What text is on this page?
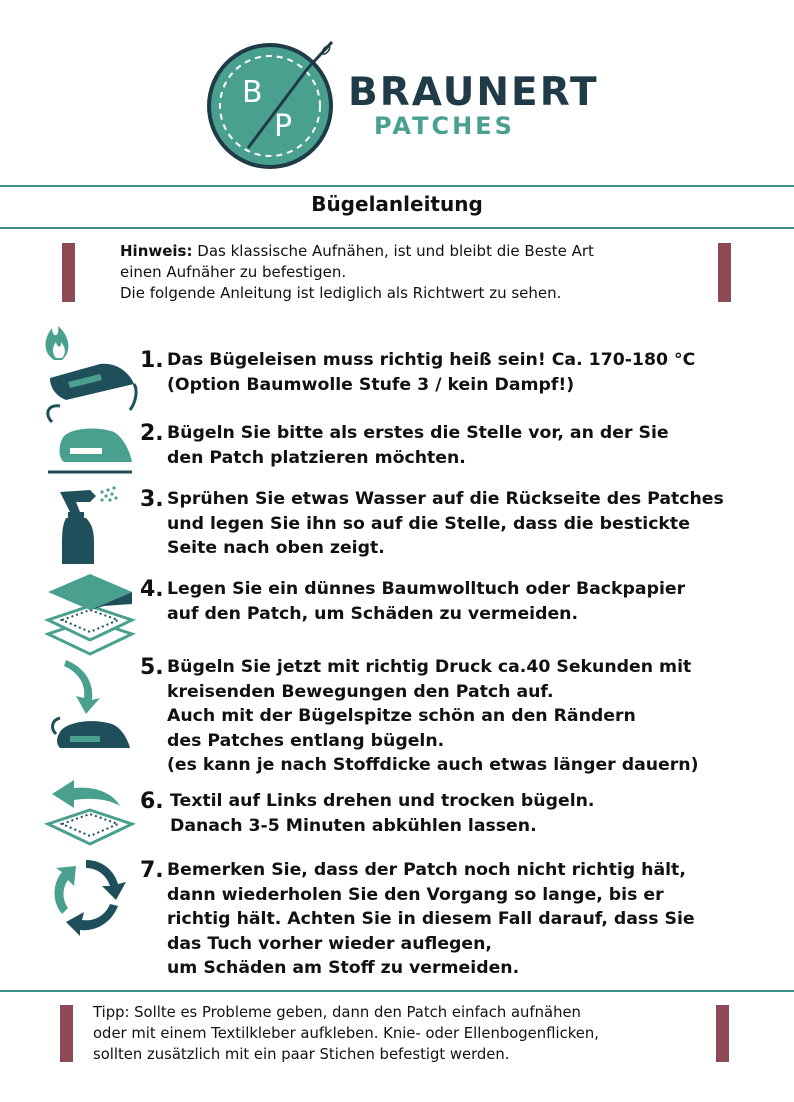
B
P
BRAUNERT
PATCHES
Bügelanleitung
Hinweis: Das klassische Aufnähen, ist und bleibt die Beste Art
einen Aufnäher zu befestigen.
Die folgende Anleitung ist lediglich als Richtwert zu sehen.
1. Das Bügeleisen muss richtig heiß sein! Ca. 170-180 °C
(Option Baumwolle Stufe 3 / kein Dampf!)
2. Bügeln Sie bitte als erstes die Stelle vor, an der Sie
den Patch platzieren möchten.
3. Sprühen Sie etwas Wasser auf die Rückseite des Patches
und legen Sie ihn so auf die Stelle, dass die bestickte
Seite nach oben zeigt.
4. Legen Sie ein dünnes Baumwolltuch oder Backpapier
auf den Patch, um Schäden zu vermeiden.
5. Bügeln Sie jetzt mit richtig Druck ca.40 Sekunden mit
kreisenden Bewegungen den Patch auf.
Auch mit der Bügelspitze schön an den Rändern
des Patches entlang bügeln.
(es kann je nach Stoffdicke auch etwas länger dauern)
6. Textil auf Links drehen und trocken bügeln.
Danach 3-5 Minuten abkühlen lassen.
7. Bemerken Sie, dass der Patch noch nicht richtig hält,
dann wiederholen Sie den Vorgang so lange, bis er
richtig hält. Achten Sie in diesem Fall darauf, dass Sie
das Tuch vorher wieder auflegen,
um Schäden am Stoff zu vermeiden.
Tipp: Sollte es Probleme geben, dann den Patch einfach aufnähen
oder mit einem Textilkleber aufkleben. Knie- oder Ellenbogenflicken,
sollten zusätzlich mit ein paar Stichen befestigt werden.
